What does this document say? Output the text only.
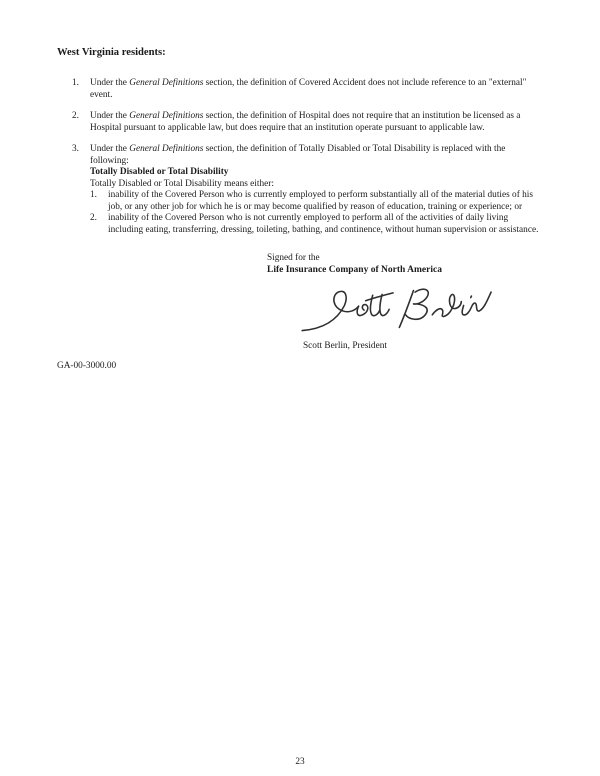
West Virginia residents:

1.	Under the General Definitions section, the definition of Covered Accident does not include reference to an "external" event.
2.	Under the General Definitions section, the definition of Hospital does not require that an institution be licensed as a Hospital pursuant to applicable law, but does require that an institution operate pursuant to applicable law.
3.	Under the General Definitions section, the definition of Totally Disabled or Total Disability is replaced with the following:
Totally Disabled or Total Disability
Totally Disabled or Total Disability means either:
1.	inability of the Covered Person who is currently employed to perform substantially all of the material duties of his job, or any other job for which he is or may become qualified by reason of education, training or experience; or
2.	inability of the Covered Person who is not currently employed to perform all of the activities of daily living including eating, transferring, dressing, toileting, bathing, and continence, without human supervision or assistance.
Signed for the
Life Insurance Company of North America
Scott Berlin, President
GA-00-3000.00
23
